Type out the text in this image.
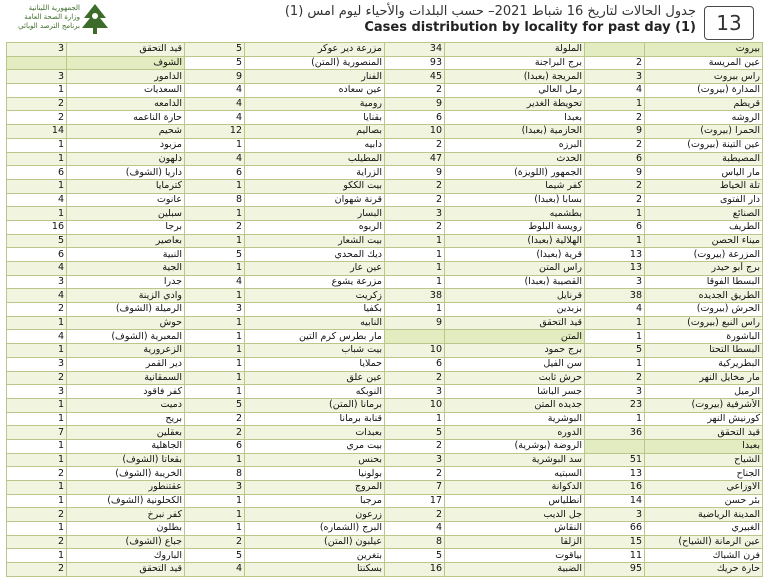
الجمهورية اللبنانية
وزارة الصحة العامة
برنامج الترصد الوبائي
جدول الحالات لتاريخ 16 شباط 2021– حسب البلدات والأحياء ليوم امس (1)
Cases distribution by locality for past day (1)	13
3	قيد التحقق	5	مزرعة دير عوكر	34	الملولة		بيروت
	الشوف	5	المنصورية (المتن)	93	برج البراجنة	2	عين المريسة
3	الدامور	9	الفنار	45	المريجة (بعبدا)	3	راس بيروت
1	السعديات	4	عين سعاده	2	رمل العالي	4	المدارة (بيروت)
2	الدامعه	4	رومية	9	تحويطة الغدير	1	قريطم
2	حارة الناعمه	4	بقنايا	6	بعبدا	2	الروشه
14	شحيم	12	بصاليم	10	الحازمية (بعبدا)	9	الحمرا (بيروت)
1	مزبود	1	دابيه	2	البرزه	2	عين التينة (بيروت)
1	دلهون	4	المطيلب	47	الحدث	6	المصيطبة
6	داريا (الشوف)	6	الزراية	9	الجمهور (اللويزة)	9	مار الياس
1	كترمايا	1	بيت الككو	2	كفر شيما	2	تلة الخياط
4	عانوت	8	قرنة شهوان	2	بسابا (بعبدا)	2	دار الفتوى
1	سبلين	1	البسار	3	بطشميه	1	الصنائع
16	برجا	2	الربوه	2	رويسة البلوط	6	الطريف
5	بعاصير	1	بيت الشعار	1	الهلالية (بعبدا)	1	ميناء الحصن
6	النبية	5	ديك المحدي	1	قرية (بعبدا)	13	المزرعة (بيروت)
4	الجية	1	عين عار	1	راس المتن	13	برج أبو حيدر
3	جدرا	4	مزرعة يشوع	1	القصيبة (بعبدا)	3	البسطا الفوقا
4	وادي الزينة	1	زكريت	38	قرنايل	38	الطريق الجديده
2	الرميلة (الشوف)	3	بكفيا	1	بزبدين	4	الحرش (بيروت)
1	حوش	1	النابيه	9	قيد التحقق	1	راس النبع (بيروت)
4	المعبرية (الشوف)	1	مار بطرس كرم التين		المتن	1	الباشورة
1	الزعرورية	1	بيت شباب	10	برج حمود	5	البسطا التحتا
3	دير القمر	1	حملايا	6	سن الفيل	1	البطريركية
2	السمقانية	1	عين علق	2	حرش ثابت	2	مار مخايل النهر
3	كفر فاقود	1	النوبكه	3	جسر الباشا	3	الرميل
1	دميت	5	برمانا (المتن)	10	جديده المتن	23	الأشرفية (بيروت)
1	بريح	2	قنابة برمانا	1	البوشرية	1	كورنيش النهر
7	بعقلين	2	بعبدات	5	الدوره	36	قيد التحقق
1	الجاهلية	6	بيت مري	2	الروضة (بوشرية)		بعبدا
1	بقعاتا (الشوف)	1	بحنس	3	سد البوشرية	51	الشياح
2	الخريبة (الشوف)	8	بولونيا	2	السبتيه	13	الجناح
1	عقتنطور	3	المروج	7	الدكوانة	16	الاوزاعي
1	الكحلونية (الشوف)	1	مرجبا	17	أنطلياس	14	بئر حسن
2	كفر نبرخ	1	زرعون	2	جل الديب	3	المدينة الرياضية
1	بطلون	1	البرج (الشماره)	4	النقاش	66	الغبيري
2	جباع (الشوف)	2	عيلبون (المتن)	8	الزلقا	15	عين الرمانة (الشياح)
1	الباروك	5	بتغرين	5	بياقوت	11	فرن الشباك
2	قيد التحقق	4	بسكنتا	16	الضبية	95	حارة حريك
